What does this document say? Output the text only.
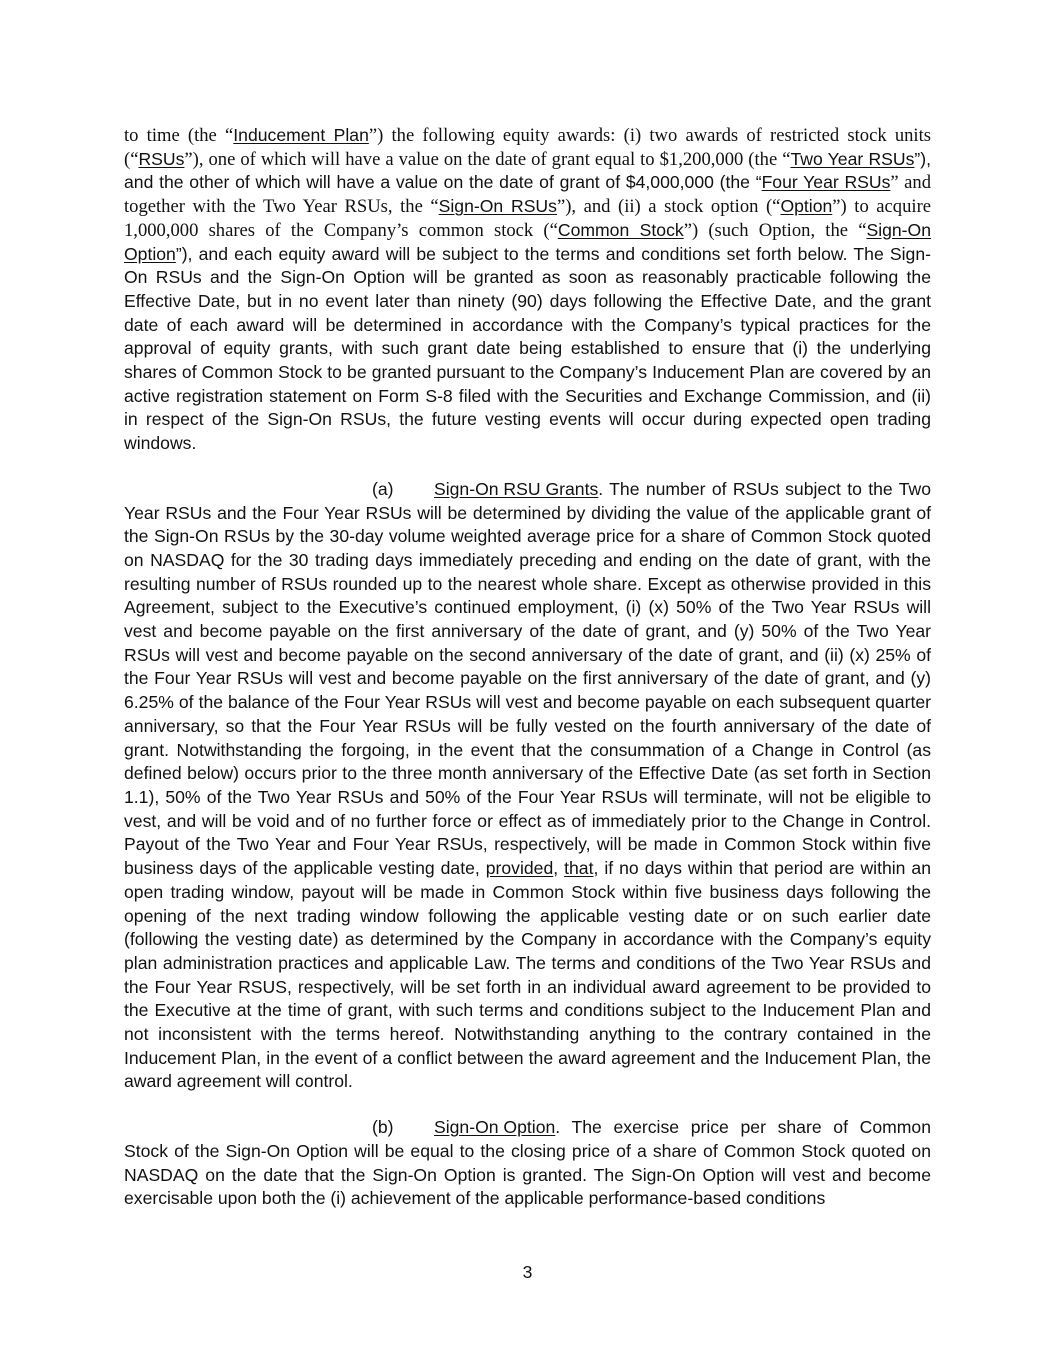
to time (the “Inducement Plan”) the following equity awards: (i) two awards of restricted stock units (“RSUs”), one of which will have a value on the date of grant equal to $1,200,000 (the “Two Year RSUs”), and the other of which will have a value on the date of grant of $4,000,000 (the “Four Year RSUs” and together with the Two Year RSUs, the “Sign-On RSUs”), and (ii) a stock option (“Option”) to acquire 1,000,000 shares of the Company’s common stock (“Common Stock”) (such Option, the “Sign-On Option”), and each equity award will be subject to the terms and conditions set forth below. The Sign-On RSUs and the Sign-On Option will be granted as soon as reasonably practicable following the Effective Date, but in no event later than ninety (90) days following the Effective Date, and the grant date of each award will be determined in accordance with the Company’s typical practices for the approval of equity grants, with such grant date being established to ensure that (i) the underlying shares of Common Stock to be granted pursuant to the Company’s Inducement Plan are covered by an active registration statement on Form S-8 filed with the Securities and Exchange Commission, and (ii) in respect of the Sign-On RSUs, the future vesting events will occur during expected open trading windows.

(a) Sign-On RSU Grants. The number of RSUs subject to the Two Year RSUs and the Four Year RSUs will be determined by dividing the value of the applicable grant of the Sign-On RSUs by the 30-day volume weighted average price for a share of Common Stock quoted on NASDAQ for the 30 trading days immediately preceding and ending on the date of grant, with the resulting number of RSUs rounded up to the nearest whole share. Except as otherwise provided in this Agreement, subject to the Executive’s continued employment, (i) (x) 50% of the Two Year RSUs will vest and become payable on the first anniversary of the date of grant, and (y) 50% of the Two Year RSUs will vest and become payable on the second anniversary of the date of grant, and (ii) (x) 25% of the Four Year RSUs will vest and become payable on the first anniversary of the date of grant, and (y) 6.25% of the balance of the Four Year RSUs will vest and become payable on each subsequent quarter anniversary, so that the Four Year RSUs will be fully vested on the fourth anniversary of the date of grant. Notwithstanding the forgoing, in the event that the consummation of a Change in Control (as defined below) occurs prior to the three month anniversary of the Effective Date (as set forth in Section 1.1), 50% of the Two Year RSUs and 50% of the Four Year RSUs will terminate, will not be eligible to vest, and will be void and of no further force or effect as of immediately prior to the Change in Control. Payout of the Two Year and Four Year RSUs, respectively, will be made in Common Stock within five business days of the applicable vesting date, provided, that, if no days within that period are within an open trading window, payout will be made in Common Stock within five business days following the opening of the next trading window following the applicable vesting date or on such earlier date (following the vesting date) as determined by the Company in accordance with the Company’s equity plan administration practices and applicable Law. The terms and conditions of the Two Year RSUs and the Four Year RSUS, respectively, will be set forth in an individual award agreement to be provided to the Executive at the time of grant, with such terms and conditions subject to the Inducement Plan and not inconsistent with the terms hereof. Notwithstanding anything to the contrary contained in the Inducement Plan, in the event of a conflict between the award agreement and the Inducement Plan, the award agreement will control.

(b) Sign-On Option. The exercise price per share of Common Stock of the Sign-On Option will be equal to the closing price of a share of Common Stock quoted on NASDAQ on the date that the Sign-On Option is granted. The Sign-On Option will vest and become exercisable upon both the (i) achievement of the applicable performance-based conditions

3
